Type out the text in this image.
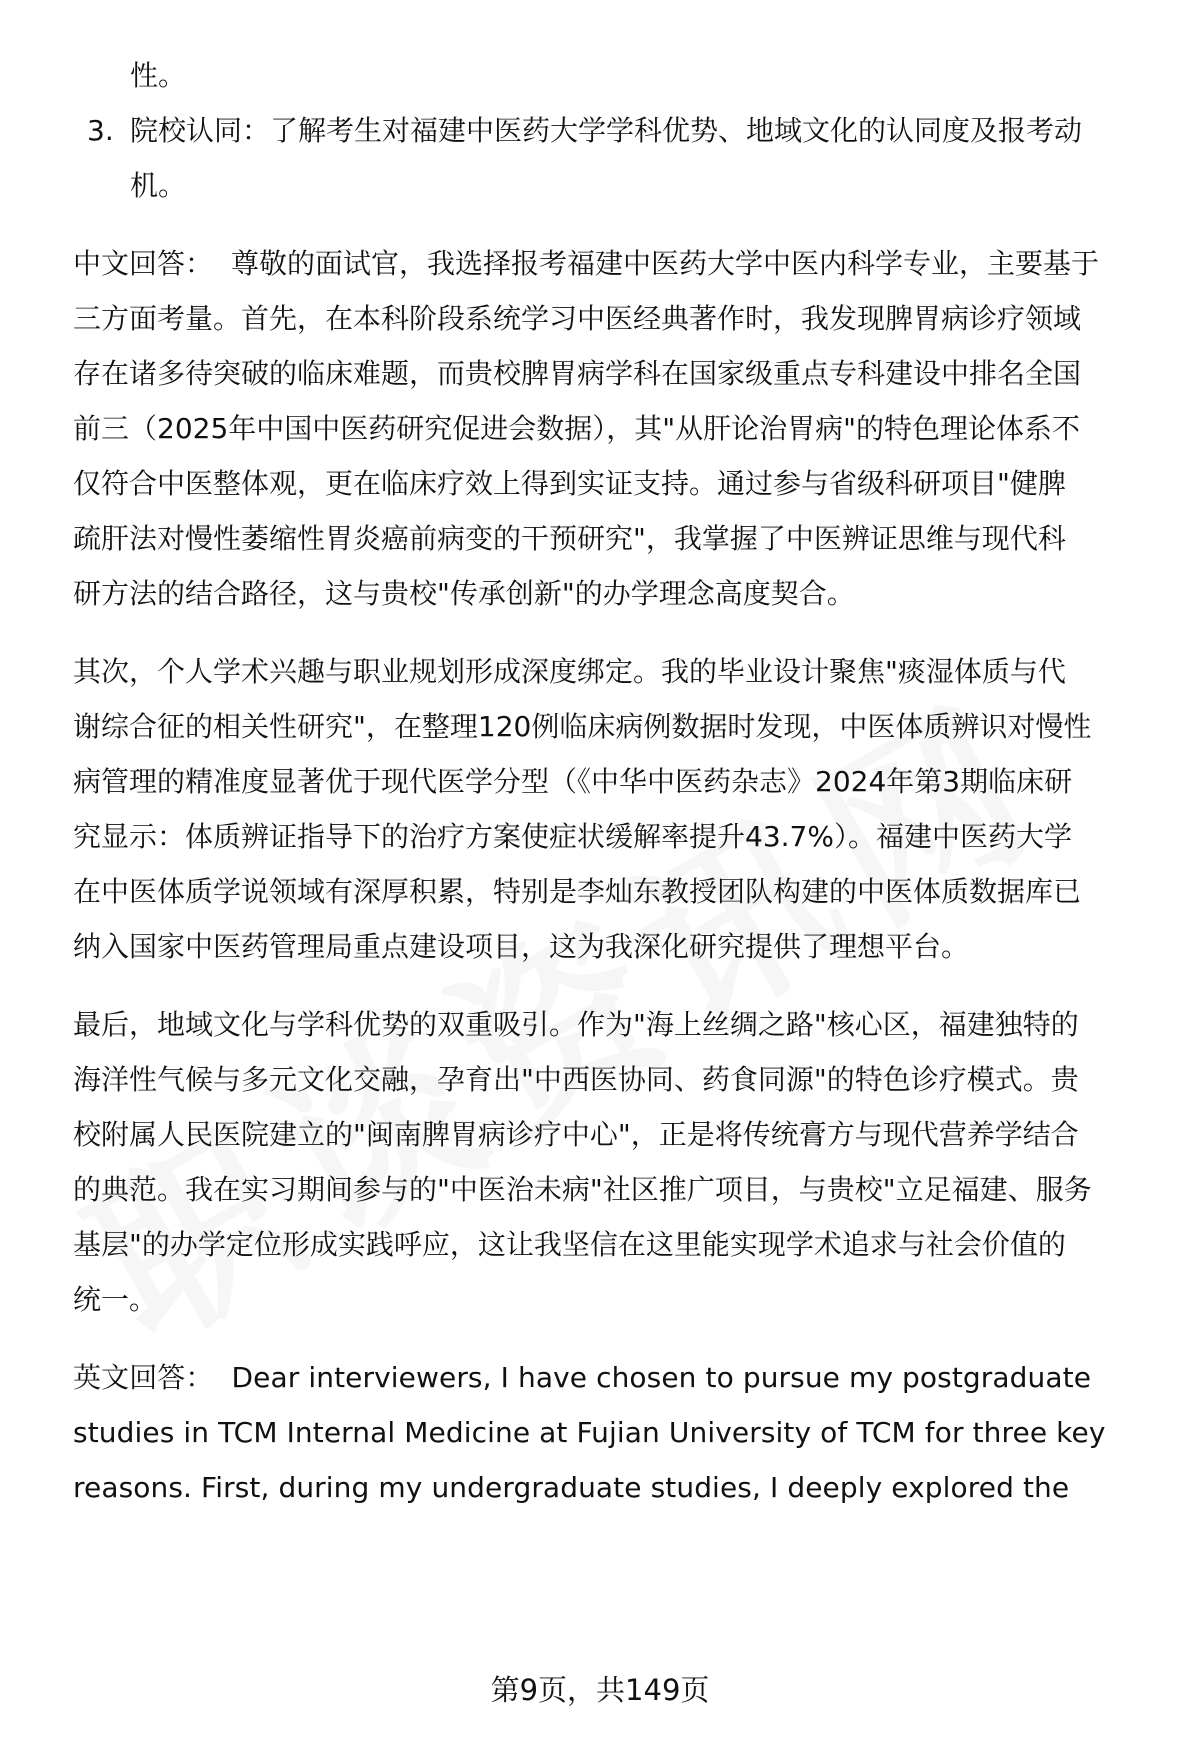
性。
3. 院校认同：了解考生对福建中医药大学学科优势、地域文化的认同度及报考动
机。
中文回答： 尊敬的面试官，我选择报考福建中医药大学中医内科学专业，主要基于
三方面考量。首先，在本科阶段系统学习中医经典著作时，我发现脾胃病诊疗领域
存在诸多待突破的临床难题，而贵校脾胃病学科在国家级重点专科建设中排名全国
前三（2025年中国中医药研究促进会数据），其"从肝论治胃病"的特色理论体系不
仅符合中医整体观，更在临床疗效上得到实证支持。通过参与省级科研项目"健脾
疏肝法对慢性萎缩性胃炎癌前病变的干预研究"，我掌握了中医辨证思维与现代科
研方法的结合路径，这与贵校"传承创新"的办学理念高度契合。
其次，个人学术兴趣与职业规划形成深度绑定。我的毕业设计聚焦"痰湿体质与代
谢综合征的相关性研究"，在整理120例临床病例数据时发现，中医体质辨识对慢性
病管理的精准度显著优于现代医学分型（《中华中医药杂志》2024年第3期临床研
究显示：体质辨证指导下的治疗方案使症状缓解率提升43.7%）。福建中医药大学
在中医体质学说领域有深厚积累，特别是李灿东教授团队构建的中医体质数据库已
纳入国家中医药管理局重点建设项目，这为我深化研究提供了理想平台。
最后，地域文化与学科优势的双重吸引。作为"海上丝绸之路"核心区，福建独特的
海洋性气候与多元文化交融，孕育出"中西医协同、药食同源"的特色诊疗模式。贵
校附属人民医院建立的"闽南脾胃病诊疗中心"，正是将传统膏方与现代营养学结合
的典范。我在实习期间参与的"中医治未病"社区推广项目，与贵校"立足福建、服务
基层"的办学定位形成实践呼应，这让我坚信在这里能实现学术追求与社会价值的
统一。
英文回答： Dear interviewers, I have chosen to pursue my postgraduate
studies in TCM Internal Medicine at Fujian University of TCM for three key
reasons. First, during my undergraduate studies, I deeply explored the
第9页，共149页
